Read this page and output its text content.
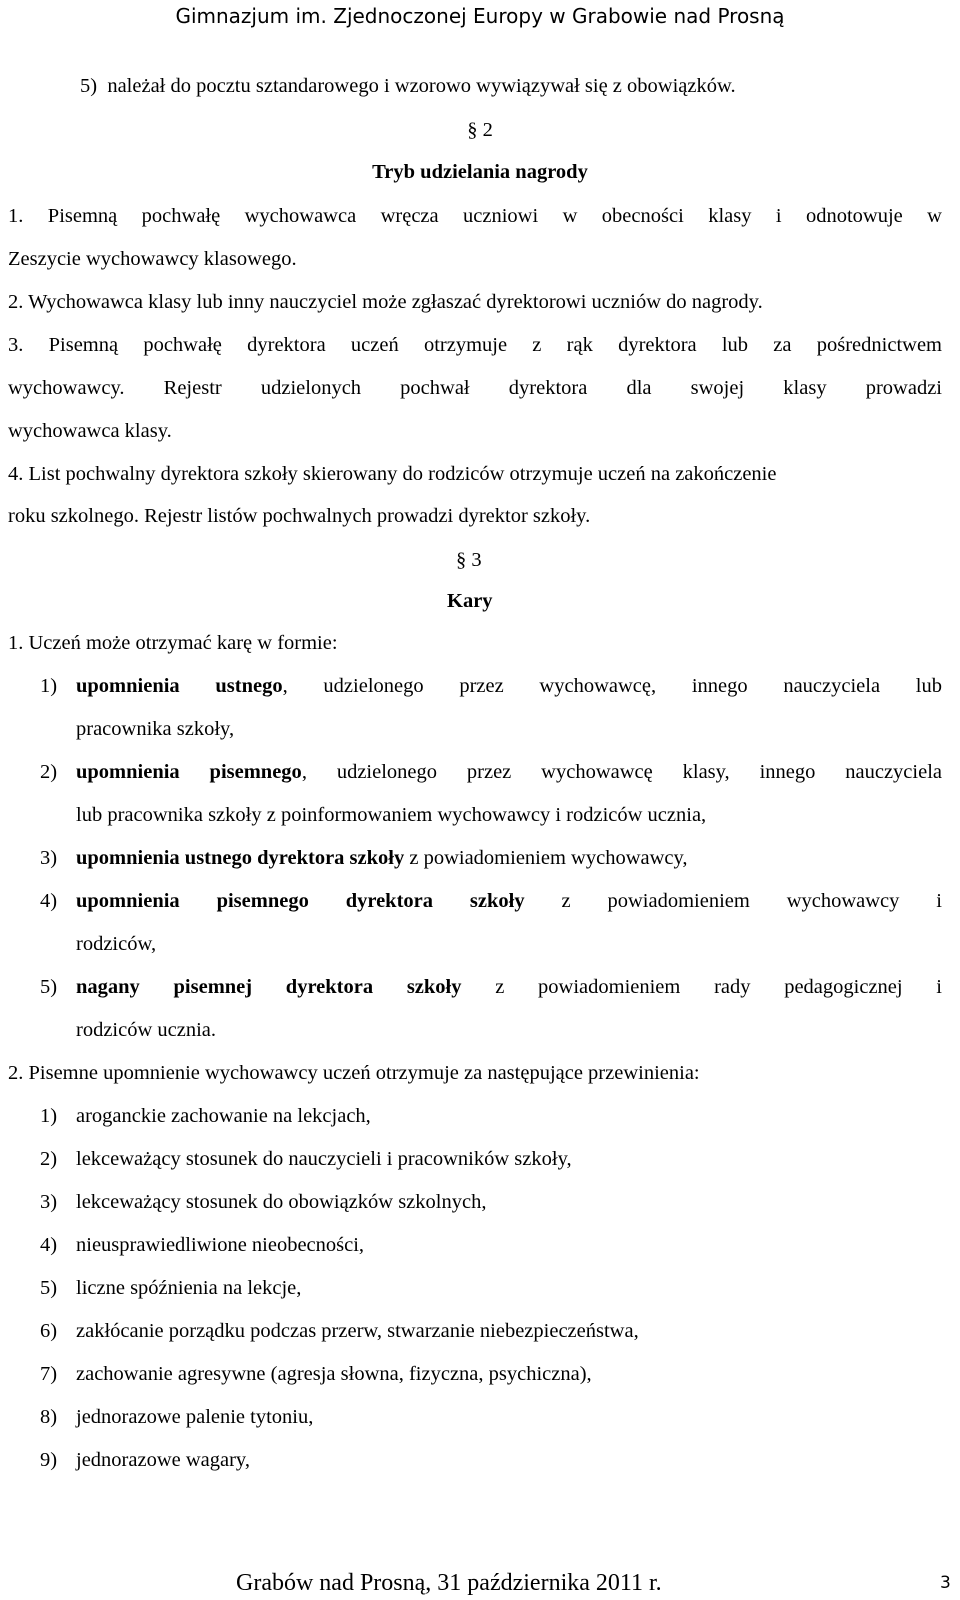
Gimnazjum im. Zjednoczonej Europy w Grabowie nad Prosną
5)  należał do pocztu sztandarowego i wzorowo wywiązywał się z obowiązków.
§ 2
Tryb udzielania nagrody
1. Pisemną pochwałę wychowawca wręcza uczniowi w obecności klasy i odnotowuje w
Zeszycie wychowawcy klasowego.
2. Wychowawca klasy lub inny nauczyciel może zgłaszać dyrektorowi uczniów do nagrody.
3. Pisemną pochwałę dyrektora uczeń otrzymuje z rąk dyrektora lub za pośrednictwem
wychowawcy. Rejestr udzielonych pochwał dyrektora dla swojej klasy prowadzi
wychowawca klasy.
4. List pochwalny dyrektora szkoły skierowany do rodziców otrzymuje uczeń na zakończenie
roku szkolnego. Rejestr listów pochwalnych prowadzi dyrektor szkoły.
§ 3
Kary
1. Uczeń może otrzymać karę w formie:
1) upomnienia ustnego, udzielonego przez wychowawcę, innego nauczyciela lub
pracownika szkoły,
2) upomnienia pisemnego, udzielonego przez wychowawcę klasy, innego nauczyciela
lub pracownika szkoły z poinformowaniem wychowawcy i rodziców ucznia,
3) upomnienia ustnego dyrektora szkoły z powiadomieniem wychowawcy,
4) upomnienia pisemnego dyrektora szkoły z powiadomieniem wychowawcy i
rodziców,
5) nagany pisemnej dyrektora szkoły z powiadomieniem rady pedagogicznej i
rodziców ucznia.
2. Pisemne upomnienie wychowawcy uczeń otrzymuje za następujące przewinienia:
1) aroganckie zachowanie na lekcjach,
2) lekceważący stosunek do nauczycieli i pracowników szkoły,
3) lekceważący stosunek do obowiązków szkolnych,
4) nieusprawiedliwione nieobecności,
5) liczne spóźnienia na lekcje,
6) zakłócanie porządku podczas przerw, stwarzanie niebezpieczeństwa,
7) zachowanie agresywne (agresja słowna, fizyczna, psychiczna),
8) jednorazowe palenie tytoniu,
9) jednorazowe wagary,
Grabów nad Prosną, 31 października 2011 r.	3
